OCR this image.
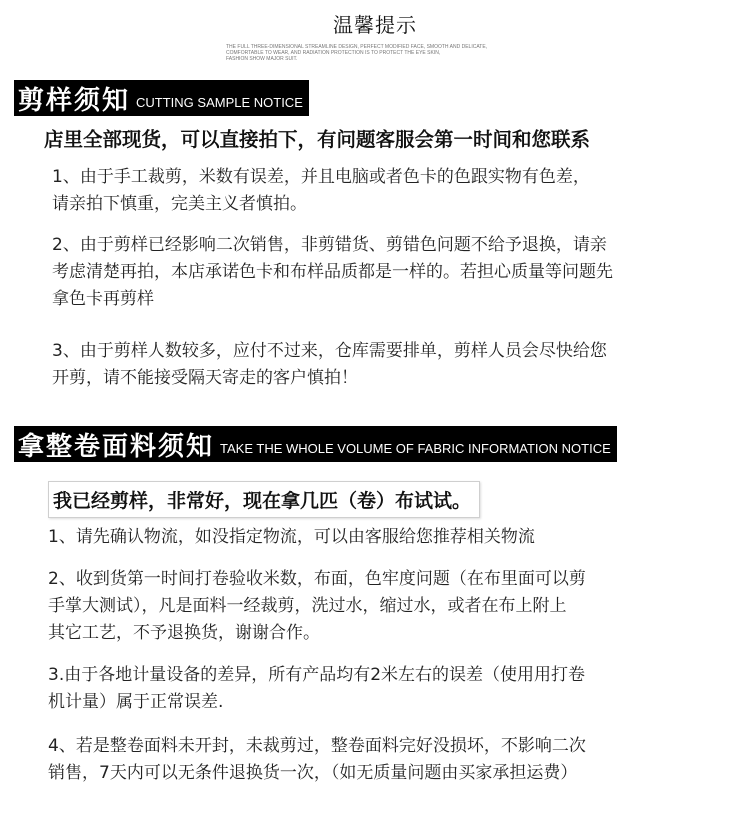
温馨提示
THE FULL THREE-DIMENSIONAL STREAMLINE DESIGN, PERFECT MODIFIED FACE, SMOOTH AND DELICATE,
COMFORTABLE TO WEAR, AND RADIATION PROTECTION IS TO PROTECT THE EYE SKIN,
FASHION SHOW MAJOR SUIT.
剪样须知 CUTTING SAMPLE NOTICE
店里全部现货，可以直接拍下，有问题客服会第一时间和您联系
1、由于手工裁剪，米数有误差，并且电脑或者色卡的色跟实物有色差，
请亲拍下慎重，完美主义者慎拍。
2、由于剪样已经影响二次销售，非剪错货、剪错色问题不给予退换，请亲
考虑清楚再拍，本店承诺色卡和布样品质都是一样的。若担心质量等问题先
拿色卡再剪样
3、由于剪样人数较多，应付不过来，仓库需要排单，剪样人员会尽快给您
开剪，请不能接受隔天寄走的客户慎拍！
拿整卷面料须知 TAKE THE WHOLE VOLUME OF FABRIC INFORMATION NOTICE
我已经剪样，非常好，现在拿几匹（卷）布试试。
1、请先确认物流，如没指定物流，可以由客服给您推荐相关物流
2、收到货第一时间打卷验收米数，布面，色牢度问题（在布里面可以剪
手掌大测试），凡是面料一经裁剪，洗过水，缩过水，或者在布上附上
其它工艺，不予退换货，谢谢合作。
3.由于各地计量设备的差异，所有产品均有2米左右的误差（使用用打卷
机计量）属于正常误差.
4、若是整卷面料未开封，未裁剪过，整卷面料完好没损坏，不影响二次
销售，7天内可以无条件退换货一次，（如无质量问题由买家承担运费）
